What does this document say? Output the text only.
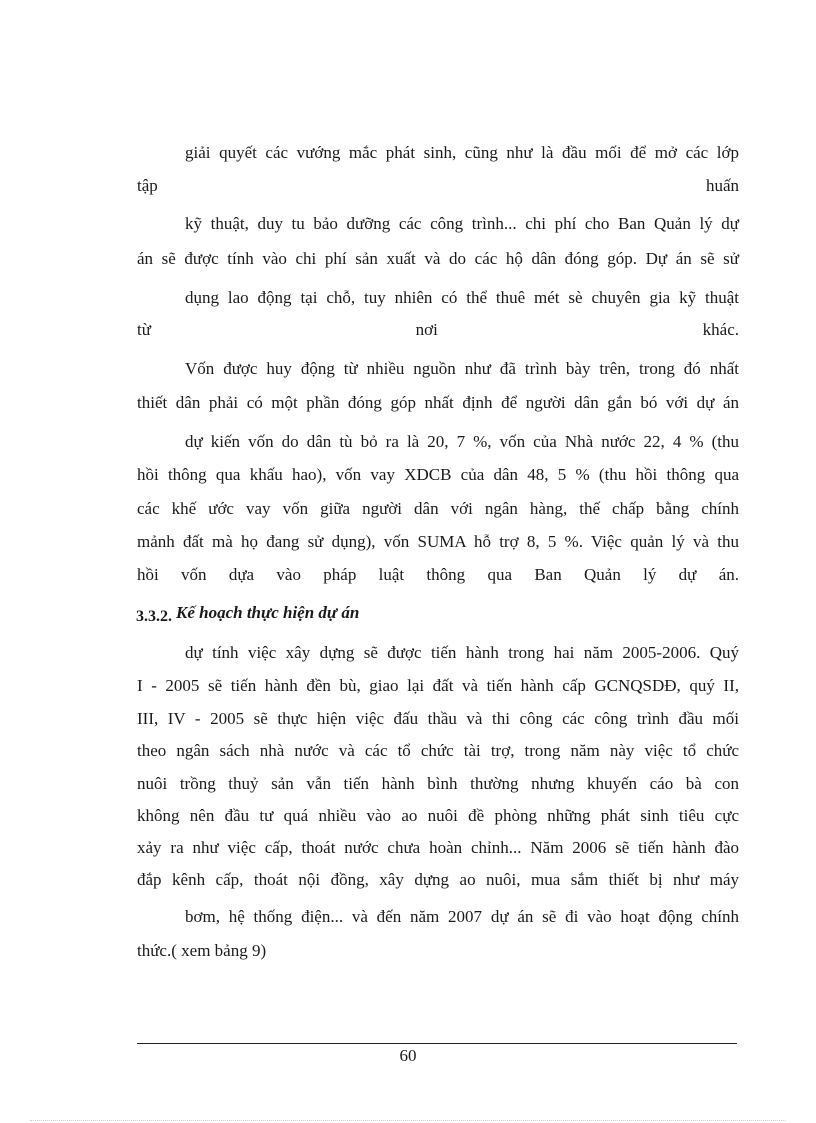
giải quyết các vướng mắc phát sinh, cũng như là đầu mối để mở các lớp
tập huấn
kỹ thuật, duy tu bảo dưỡng các công trình... chi phí cho Ban Quản lý dự
án sẽ được tính vào chi phí sản xuất và do các hộ dân đóng góp. Dự án sẽ sử
dụng lao động tại chỗ, tuy nhiên có thể thuê mét sè chuyên gia kỹ thuật
từ nơi khác.
Vốn được huy động từ nhiều nguồn như đã trình bày trên, trong đó nhất
thiết dân phải có một phần đóng góp nhất định để người dân gắn bó với dự án
dự kiến vốn do dân tù bỏ ra là 20, 7 %, vốn của Nhà nước 22, 4 % (thu
hồi thông qua khấu hao), vốn vay XDCB của dân 48, 5 % (thu hồi thông qua
các khế ước vay vốn giữa người dân với ngân hàng, thế chấp bằng chính
mảnh đất mà họ đang sử dụng), vốn SUMA hỗ trợ 8, 5 %. Việc quản lý và thu
hồi vốn dựa vào pháp luật thông qua Ban Quản lý dự án.
3.3.2. Kế hoạch thực hiện dự án
dự tính việc xây dựng sẽ được tiến hành trong hai năm 2005-2006. Quý
I - 2005 sẽ tiến hành đền bù, giao lại đất và tiến hành cấp GCNQSDĐ, quý II,
III, IV - 2005 sẽ thực hiện việc đấu thầu và thi công các công trình đầu mối
theo ngân sách nhà nước và các tổ chức tài trợ, trong năm này việc tổ chức
nuôi trồng thuỷ sản vẫn tiến hành bình thường nhưng khuyến cáo bà con
không nên đầu tư quá nhiều vào ao nuôi đề phòng những phát sinh tiêu cực
xảy ra như việc cấp, thoát nước chưa hoàn chỉnh... Năm 2006 sẽ tiến hành đào
đắp kênh cấp, thoát nội đồng, xây dựng ao nuôi, mua sắm thiết bị như máy
bơm, hệ thống điện... và đến năm 2007 dự án sẽ đi vào hoạt động chính
thức.( xem bảng 9)
60
